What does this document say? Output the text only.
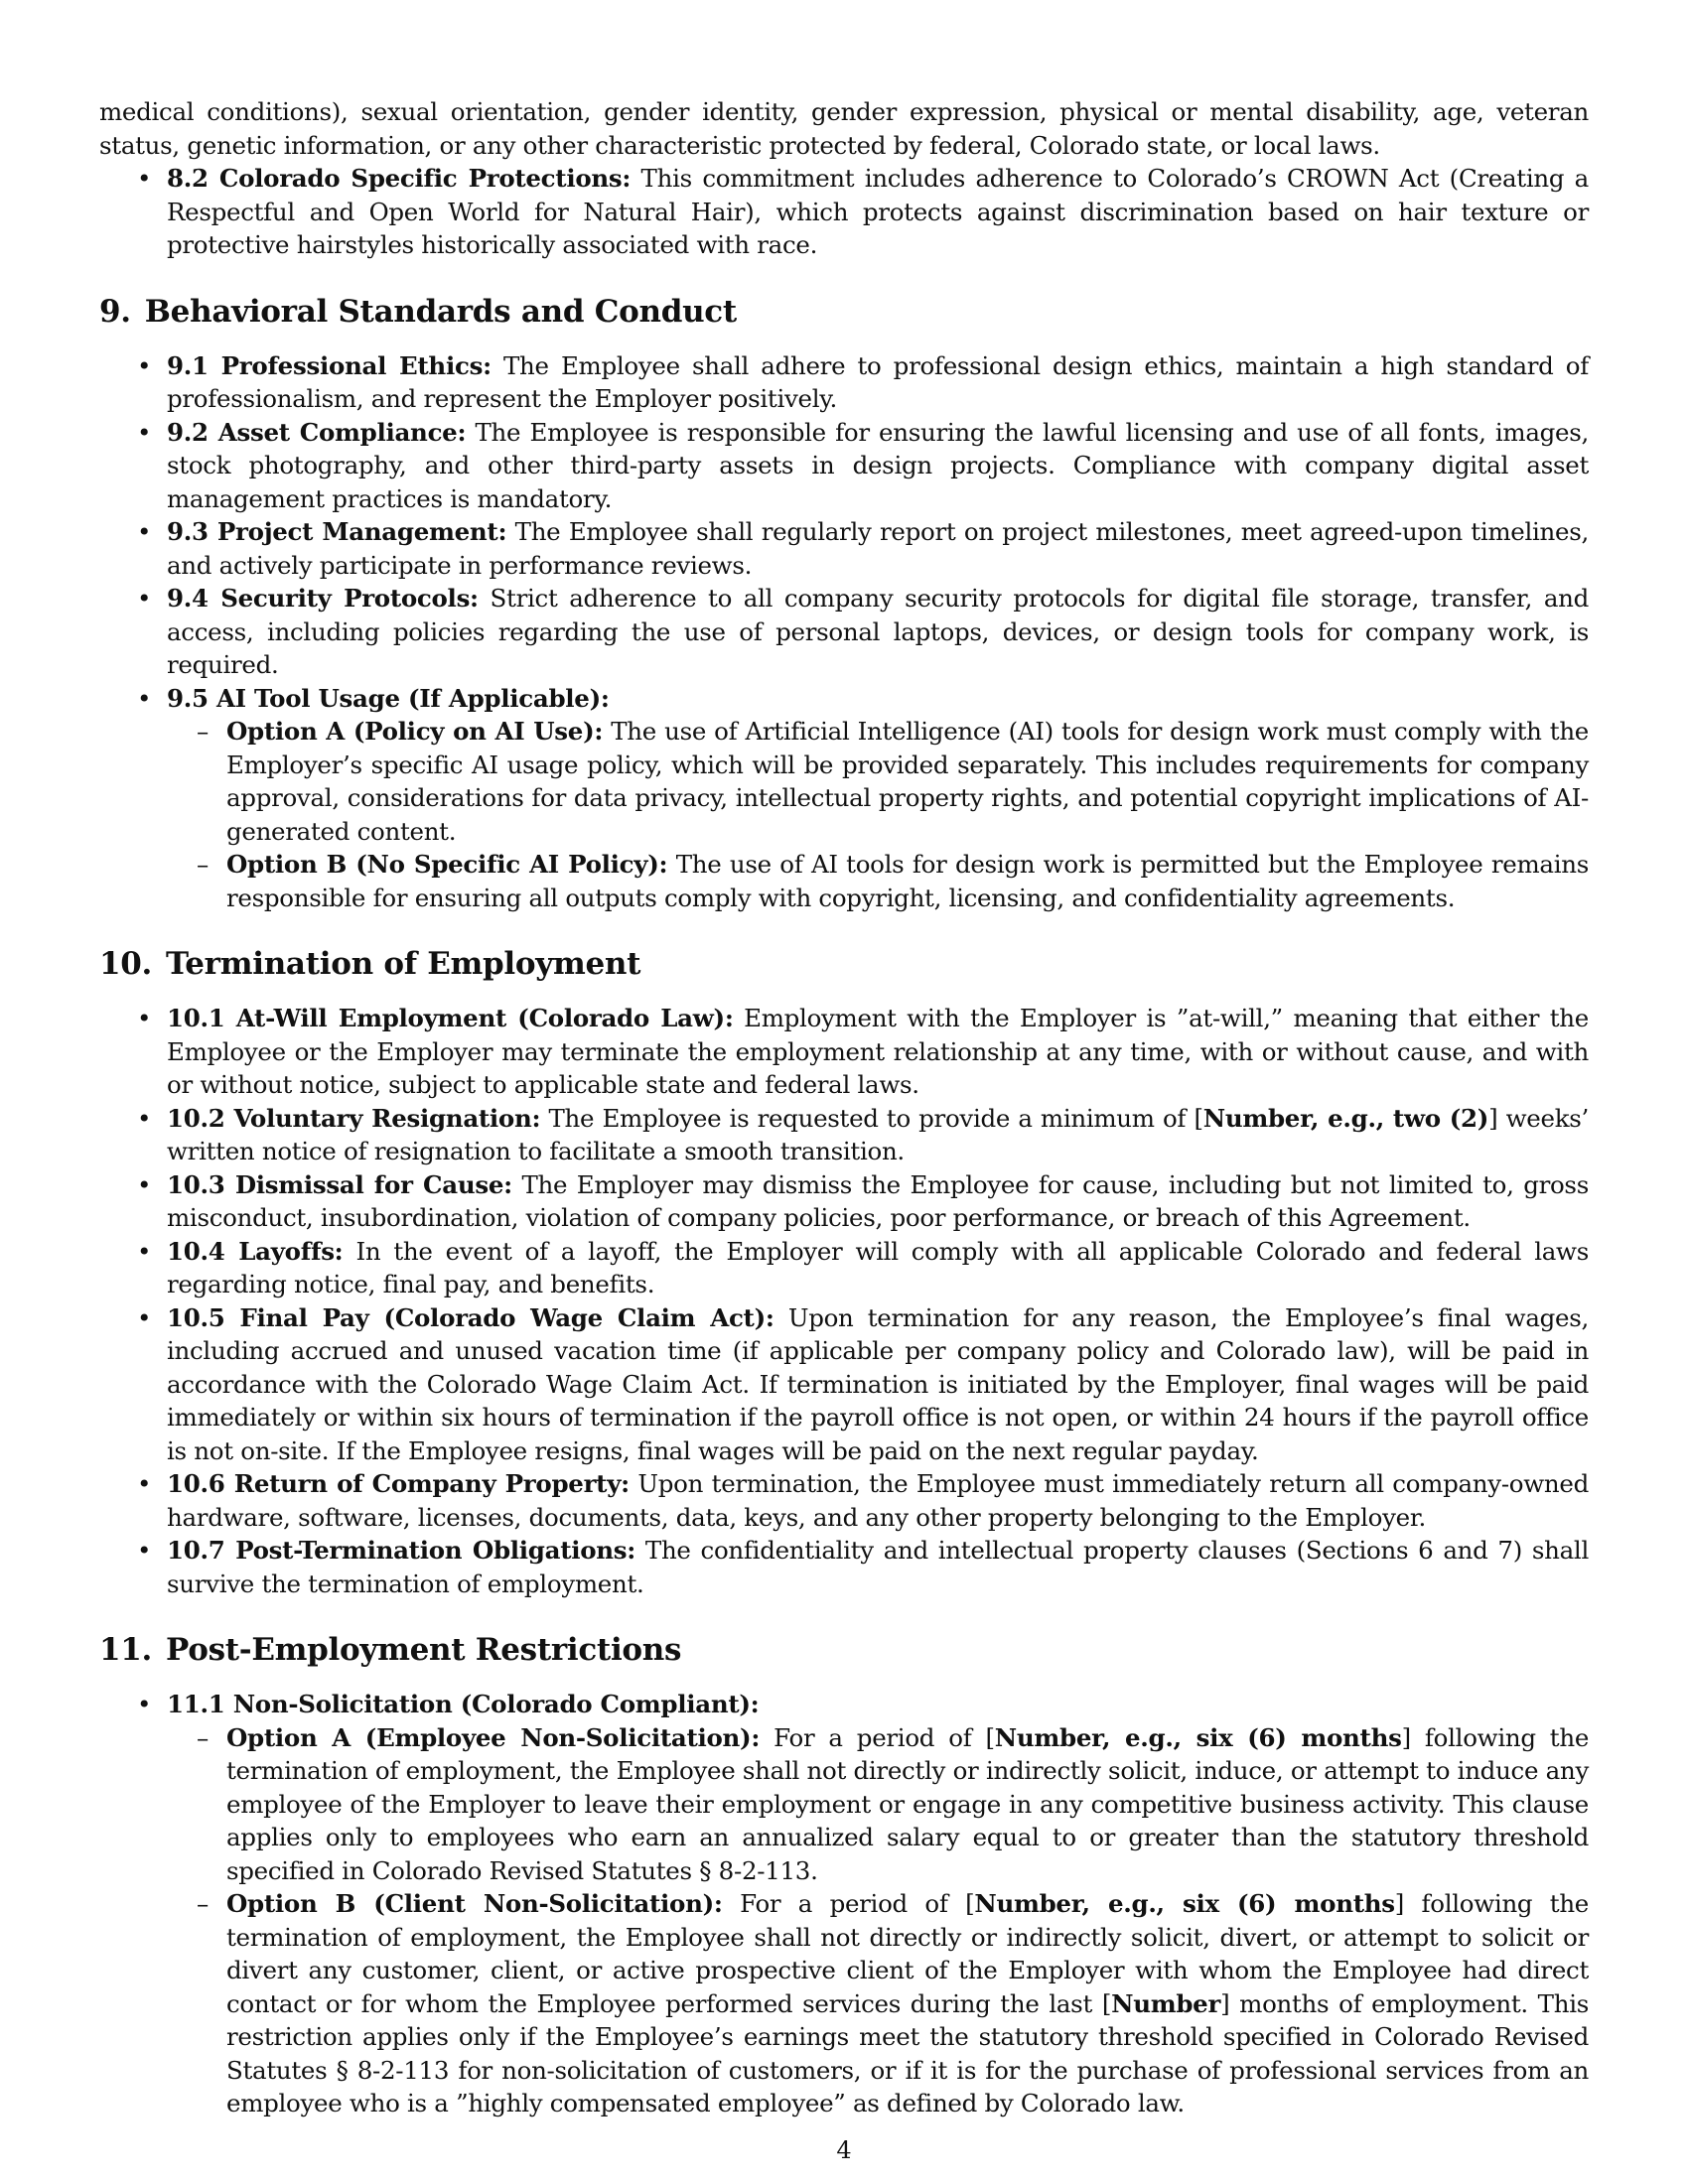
medical conditions), sexual orientation, gender identity, gender expression, physical or mental disability, age, veteran status, genetic information, or any other characteristic protected by federal, Colorado state, or local laws.

• 8.2 Colorado Specific Protections: This commitment includes adherence to Colorado’s CROWN Act (Creating a Respectful and Open World for Natural Hair), which protects against discrimination based on hair texture or protective hairstyles historically associated with race.
9. Behavioral Standards and Conduct
• 9.1 Professional Ethics: The Employee shall adhere to professional design ethics, maintain a high standard of professionalism, and represent the Employer positively.
• 9.2 Asset Compliance: The Employee is responsible for ensuring the lawful licensing and use of all fonts, images, stock photography, and other third-party assets in design projects. Compliance with company digital asset management practices is mandatory.
• 9.3 Project Management: The Employee shall regularly report on project milestones, meet agreed-upon timelines, and actively participate in performance reviews.
• 9.4 Security Protocols: Strict adherence to all company security protocols for digital file storage, transfer, and access, including policies regarding the use of personal laptops, devices, or design tools for company work, is required.
• 9.5 AI Tool Usage (If Applicable):
– Option A (Policy on AI Use): The use of Artificial Intelligence (AI) tools for design work must comply with the Employer’s specific AI usage policy, which will be provided separately. This includes requirements for company approval, considerations for data privacy, intellectual property rights, and potential copyright implications of AI-generated content.
– Option B (No Specific AI Policy): The use of AI tools for design work is permitted but the Employee remains responsible for ensuring all outputs comply with copyright, licensing, and confidentiality agreements.
10. Termination of Employment
• 10.1 At-Will Employment (Colorado Law): Employment with the Employer is ”at-will,” meaning that either the Employee or the Employer may terminate the employment relationship at any time, with or without cause, and with or without notice, subject to applicable state and federal laws.
• 10.2 Voluntary Resignation: The Employee is requested to provide a minimum of [Number, e.g., two (2)] weeks’ written notice of resignation to facilitate a smooth transition.
• 10.3 Dismissal for Cause: The Employer may dismiss the Employee for cause, including but not limited to, gross misconduct, insubordination, violation of company policies, poor performance, or breach of this Agreement.
• 10.4 Layoffs: In the event of a layoff, the Employer will comply with all applicable Colorado and federal laws regarding notice, final pay, and benefits.
• 10.5 Final Pay (Colorado Wage Claim Act): Upon termination for any reason, the Employee’s final wages, including accrued and unused vacation time (if applicable per company policy and Colorado law), will be paid in accordance with the Colorado Wage Claim Act. If termination is initiated by the Employer, final wages will be paid immediately or within six hours of termination if the payroll office is not open, or within 24 hours if the payroll office is not on-site. If the Employee resigns, final wages will be paid on the next regular payday.
• 10.6 Return of Company Property: Upon termination, the Employee must immediately return all company-owned hardware, software, licenses, documents, data, keys, and any other property belonging to the Employer.
• 10.7 Post-Termination Obligations: The confidentiality and intellectual property clauses (Sections 6 and 7) shall survive the termination of employment.
11. Post-Employment Restrictions
• 11.1 Non-Solicitation (Colorado Compliant):
– Option A (Employee Non-Solicitation): For a period of [Number, e.g., six (6) months] following the termination of employment, the Employee shall not directly or indirectly solicit, induce, or attempt to induce any employee of the Employer to leave their employment or engage in any competitive business activity. This clause applies only to employees who earn an annualized salary equal to or greater than the statutory threshold specified in Colorado Revised Statutes § 8-2-113.
– Option B (Client Non-Solicitation): For a period of [Number, e.g., six (6) months] following the termination of employment, the Employee shall not directly or indirectly solicit, divert, or attempt to solicit or divert any customer, client, or active prospective client of the Employer with whom the Employee had direct contact or for whom the Employee performed services during the last [Number] months of employment. This restriction applies only if the Employee’s earnings meet the statutory threshold specified in Colorado Revised Statutes § 8-2-113 for non-solicitation of customers, or if it is for the purchase of professional services from an employee who is a ”highly compensated employee” as defined by Colorado law.
4
